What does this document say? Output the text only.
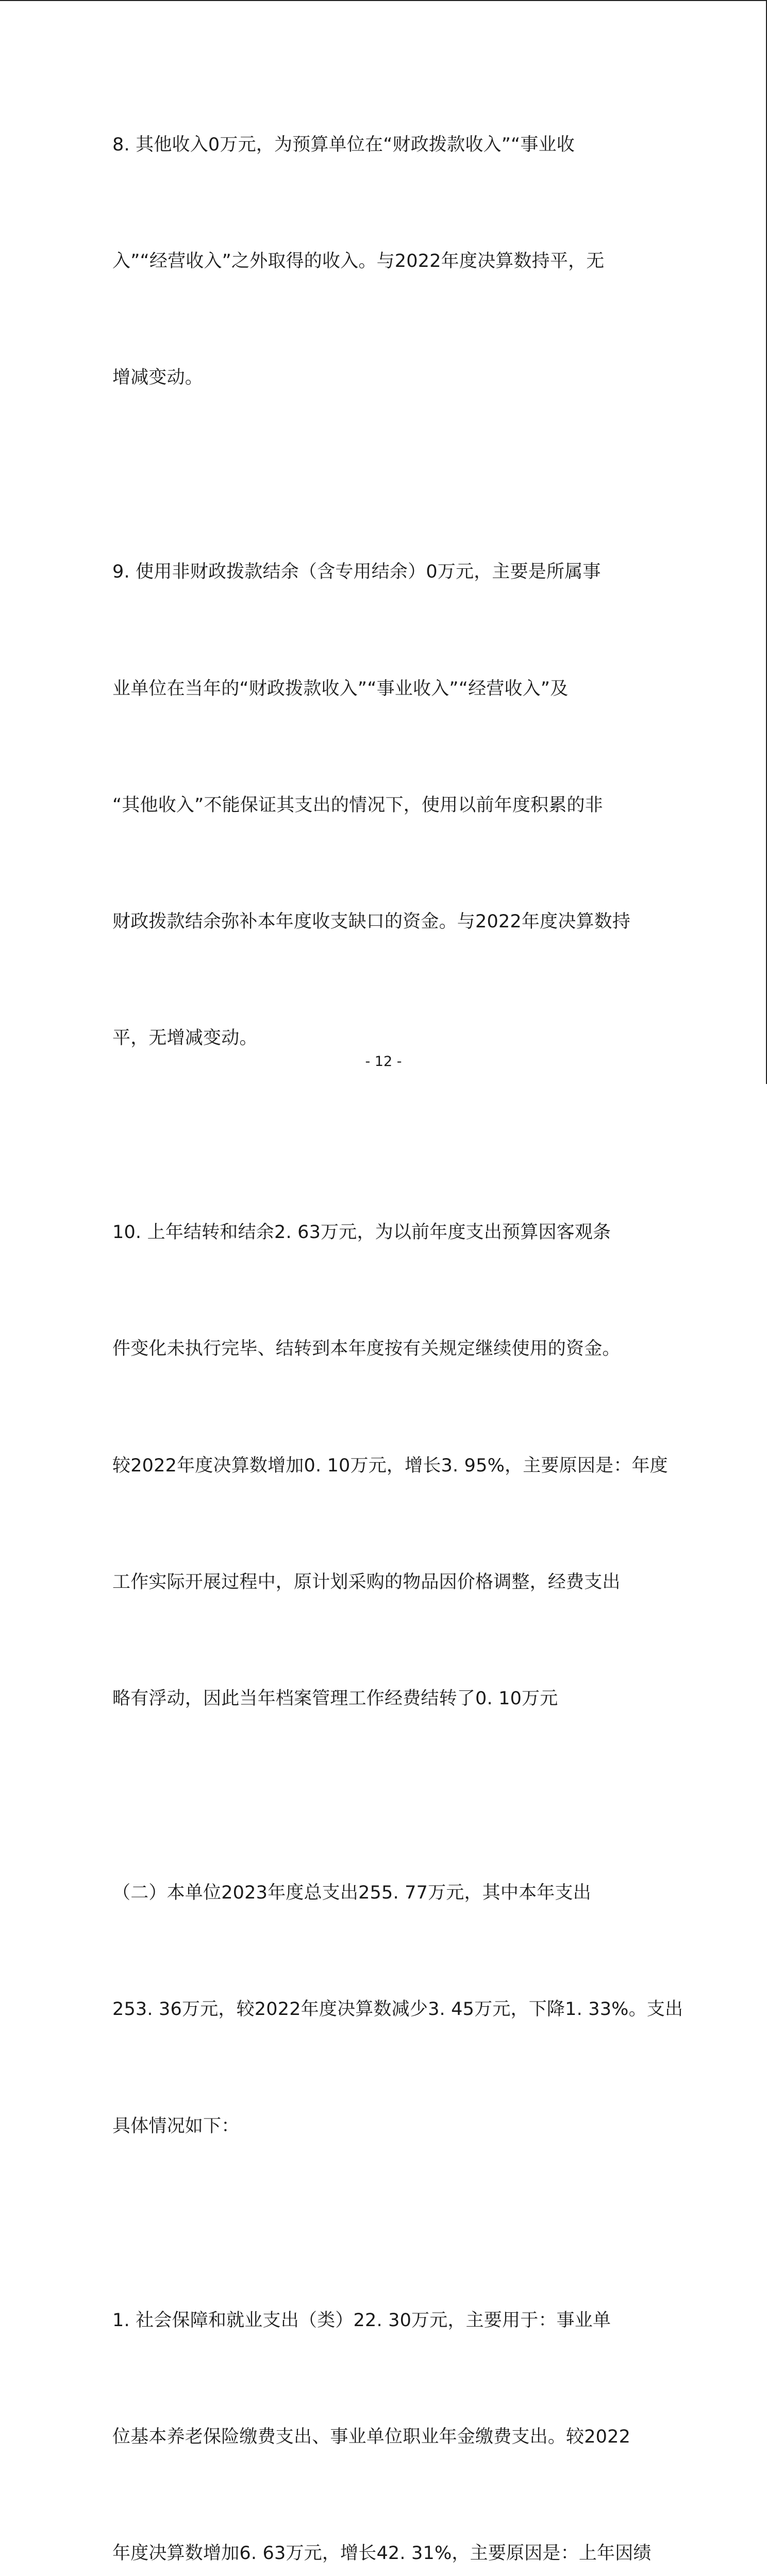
8. 其他收入0万元，为预算单位在“财政拨款收入”“事业收

入”“经营收入”之外取得的收入。与2022年度决算数持平，无

增减变动。

9. 使用非财政拨款结余（含专用结余）0万元，主要是所属事

业单位在当年的“财政拨款收入”“事业收入”“经营收入”及

“其他收入”不能保证其支出的情况下，使用以前年度积累的非

财政拨款结余弥补本年度收支缺口的资金。与2022年度决算数持

平，无增减变动。

10. 上年结转和结余2. 63万元，为以前年度支出预算因客观条

件变化未执行完毕、结转到本年度按有关规定继续使用的资金。

较2022年度决算数增加0. 10万元，增长3. 95%，主要原因是：年度

工作实际开展过程中，原计划采购的物品因价格调整，经费支出

略有浮动，因此当年档案管理工作经费结转了0. 10万元

（二）本单位2023年度总支出255. 77万元，其中本年支出

253. 36万元，较2022年度决算数减少3. 45万元，下降1. 33%。支出

具体情况如下：

1. 社会保障和就业支出（类）22. 30万元，主要用于：事业单

位基本养老保险缴费支出、事业单位职业年金缴费支出。较2022

年度决算数增加6. 63万元，增长42. 31%，主要原因是：上年因绩

- 12 -
